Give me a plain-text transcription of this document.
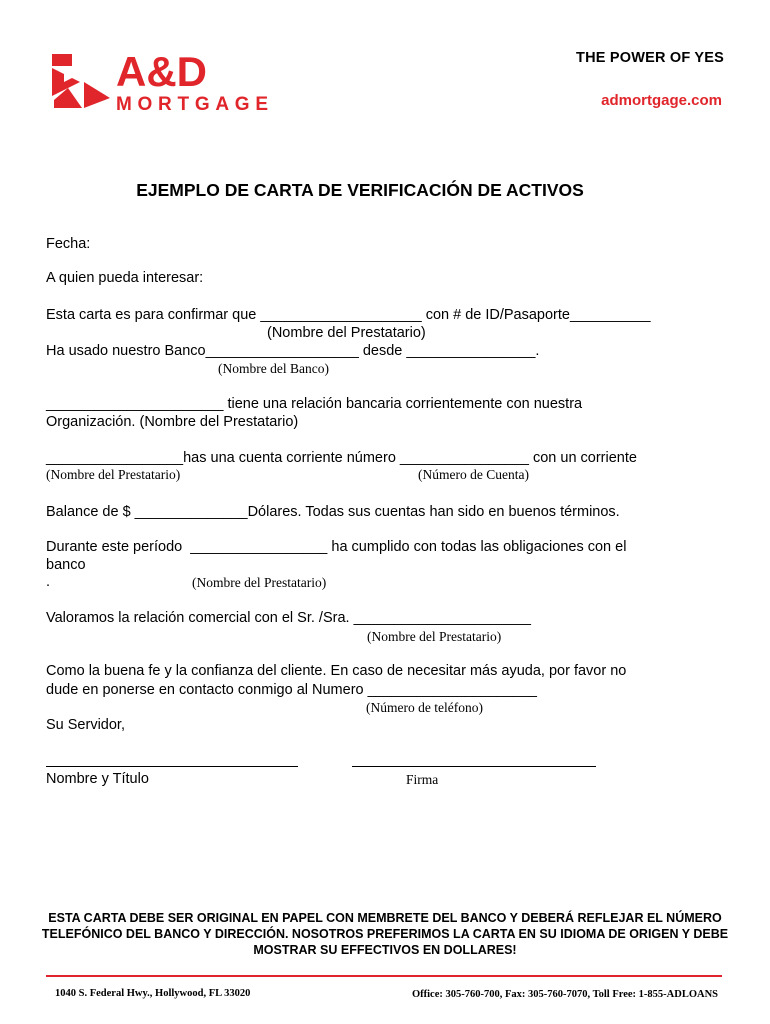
A&D
MORTGAGE
THE POWER OF YES
admortgage.com
EJEMPLO DE CARTA DE VERIFICACIÓN DE ACTIVOS
Fecha:
A quien pueda interesar:
Esta carta es para confirmar que ____________________ con # de ID/Pasaporte__________
(Nombre del Prestatario)
Ha usado nuestro Banco___________________ desde ________________.
(Nombre del Banco)
______________________ tiene una relación bancaria corrientemente con nuestra
Organización. (Nombre del Prestatario)
_________________has una cuenta corriente número ________________ con un corriente
(Nombre del Prestatario)	(Número de Cuenta)
Balance de $ ______________Dólares. Todas sus cuentas han sido en buenos términos.
Durante este período  _________________ ha cumplido con todas las obligaciones con el
banco
.	(Nombre del Prestatario)
Valoramos la relación comercial con el Sr. /Sra. ______________________
(Nombre del Prestatario)
Como la buena fe y la confianza del cliente. En caso de necesitar más ayuda, por favor no
dude en ponerse en contacto conmigo al Numero _____________________
(Número de teléfono)
Su Servidor,
Nombre y Título	Firma
ESTA CARTA DEBE SER ORIGINAL EN PAPEL CON MEMBRETE DEL BANCO Y DEBERÁ REFLEJAR EL NÚMERO TELEFÓNICO DEL BANCO Y DIRECCIÓN. NOSOTROS PREFERIMOS LA CARTA EN SU IDIOMA DE ORIGEN Y DEBE MOSTRAR SU EFFECTIVOS EN DOLLARES!
1040 S. Federal Hwy., Hollywood, FL 33020	Office: 305-760-700, Fax: 305-760-7070, Toll Free: 1-855-ADLOANS
